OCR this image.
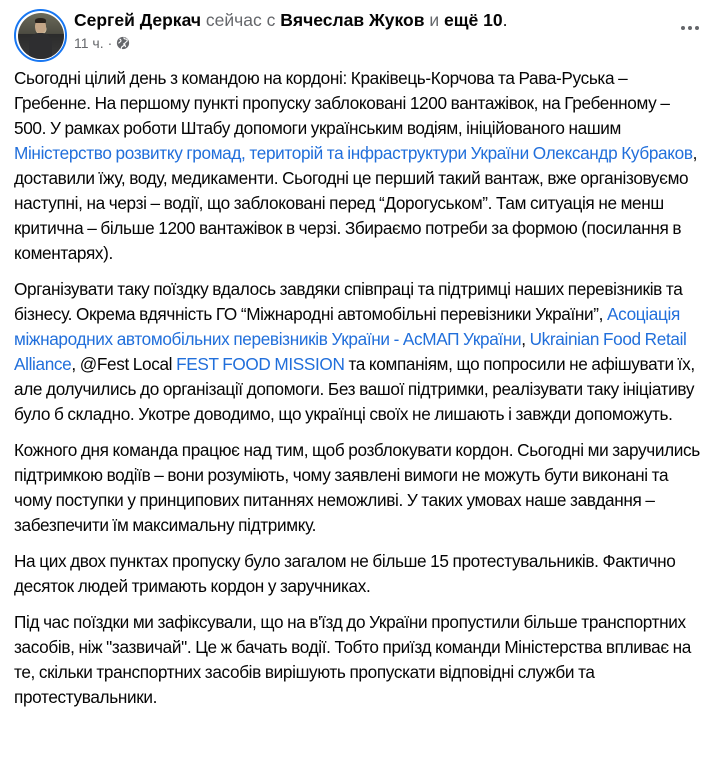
Сергей Деркач сейчас с Вячеслав Жуков и ещё 10.
11 ч. ·

Сьогодні цілий день з командою на кордоні: Краківець-Корчова та Рава-Руська – Гребенне. На першому пункті пропуску заблоковані 1200 вантажівок, на Гребенному – 500. У рамках роботи Штабу допомоги українським водіям, ініційованого нашим Міністерство розвитку громад, територій та інфраструктури України Олександр Кубраков, доставили їжу, воду, медикаменти. Сьогодні це перший такий вантаж, вже організовуємо наступні, на черзі – водії, що заблоковані перед “Дорогуськом”. Там ситуація не менш критична – більше 1200 вантажівок в черзі. Збираємо потреби за формою (посилання в коментарях).

Організувати таку поїздку вдалось завдяки співпраці та підтримці наших перевізників та бізнесу. Окрема вдячність ГО “Міжнародні автомобільні перевізники України”, Асоціація міжнародних автомобільних перевізників України - АсМАП України, Ukrainian Food Retail Alliance, @Fest Local FEST FOOD MISSION та компаніям, що попросили не афішувати їх, але долучились до організації допомоги. Без вашої підтримки, реалізувати таку ініціативу було б складно. Укотре доводимо, що українці своїх не лишають і завжди допоможуть.

Кожного дня команда працює над тим, щоб розблокувати кордон. Сьогодні ми заручились підтримкою водіїв – вони розуміють, чому заявлені вимоги не можуть бути виконані та чому поступки у принципових питаннях неможливі. У таких умовах наше завдання – забезпечити їм максимальну підтримку.

На цих двох пунктах пропуску було загалом не більше 15 протестувальників. Фактично десяток людей тримають кордон у заручниках.

Під час поїздки ми зафіксували, що на в'їзд до України пропустили більше транспортних засобів, ніж "зазвичай". Це ж бачать водії. Тобто приїзд команди Міністерства впливає на те, скільки транспортних засобів вирішують пропускати відповідні служби та протестувальники.
